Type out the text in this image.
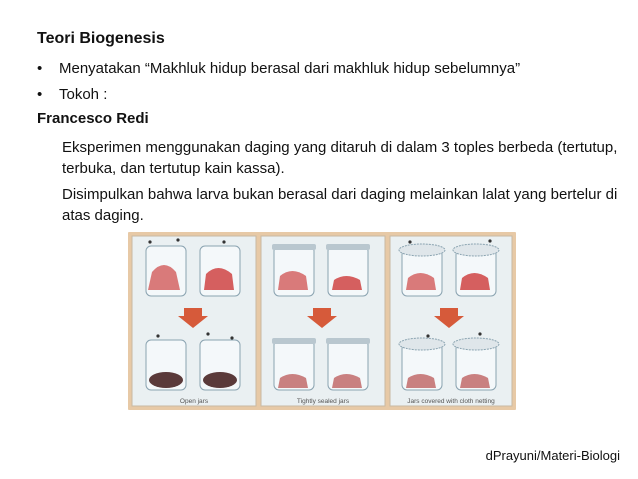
Teori Biogenesis
• Menyatakan “Makhluk hidup berasal dari makhluk hidup sebelumnya”
• Tokoh :
Francesco Redi
Eksperimen menggunakan daging yang ditaruh di dalam 3 toples berbeda (tertutup, terbuka, dan tertutup kain kassa).
Disimpulkan bahwa larva bukan berasal dari daging melainkan lalat yang bertelur di atas daging.
Open jars	Tightly sealed jars	Jars covered with cloth netting
dPrayuni/Materi-Biologi
